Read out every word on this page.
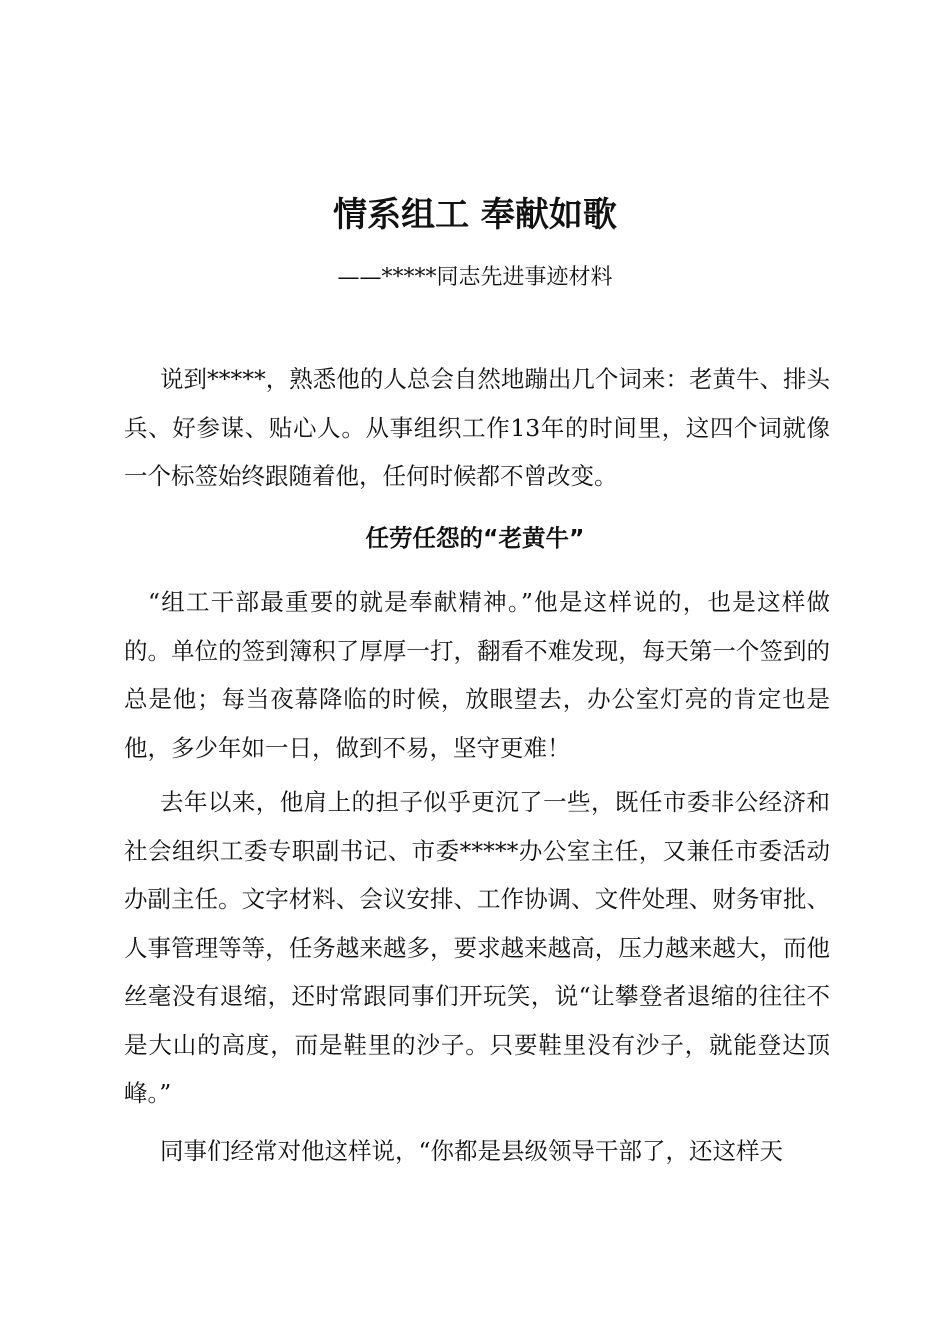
情系组工 奉献如歌

——*****同志先进事迹材料

说到*****，熟悉他的人总会自然地蹦出几个词来：老黄牛、排头兵、好参谋、贴心人。从事组织工作13年的时间里，这四个词就像一个标签始终跟随着他，任何时候都不曾改变。

任劳任怨的“老黄牛”

“组工干部最重要的就是奉献精神。”他是这样说的，也是这样做的。单位的签到簿积了厚厚一打，翻看不难发现，每天第一个签到的总是他；每当夜幕降临的时候，放眼望去，办公室灯亮的肯定也是他，多少年如一日，做到不易，坚守更难！

去年以来，他肩上的担子似乎更沉了一些，既任市委非公经济和社会组织工委专职副书记、市委*****办公室主任，又兼任市委活动办副主任。文字材料、会议安排、工作协调、文件处理、财务审批、人事管理等等，任务越来越多，要求越来越高，压力越来越大，而他丝毫没有退缩，还时常跟同事们开玩笑，说“让攀登者退缩的往往不是大山的高度，而是鞋里的沙子。只要鞋里没有沙子，就能登达顶峰。”

同事们经常对他这样说，“你都是县级领导干部了，还这样天
